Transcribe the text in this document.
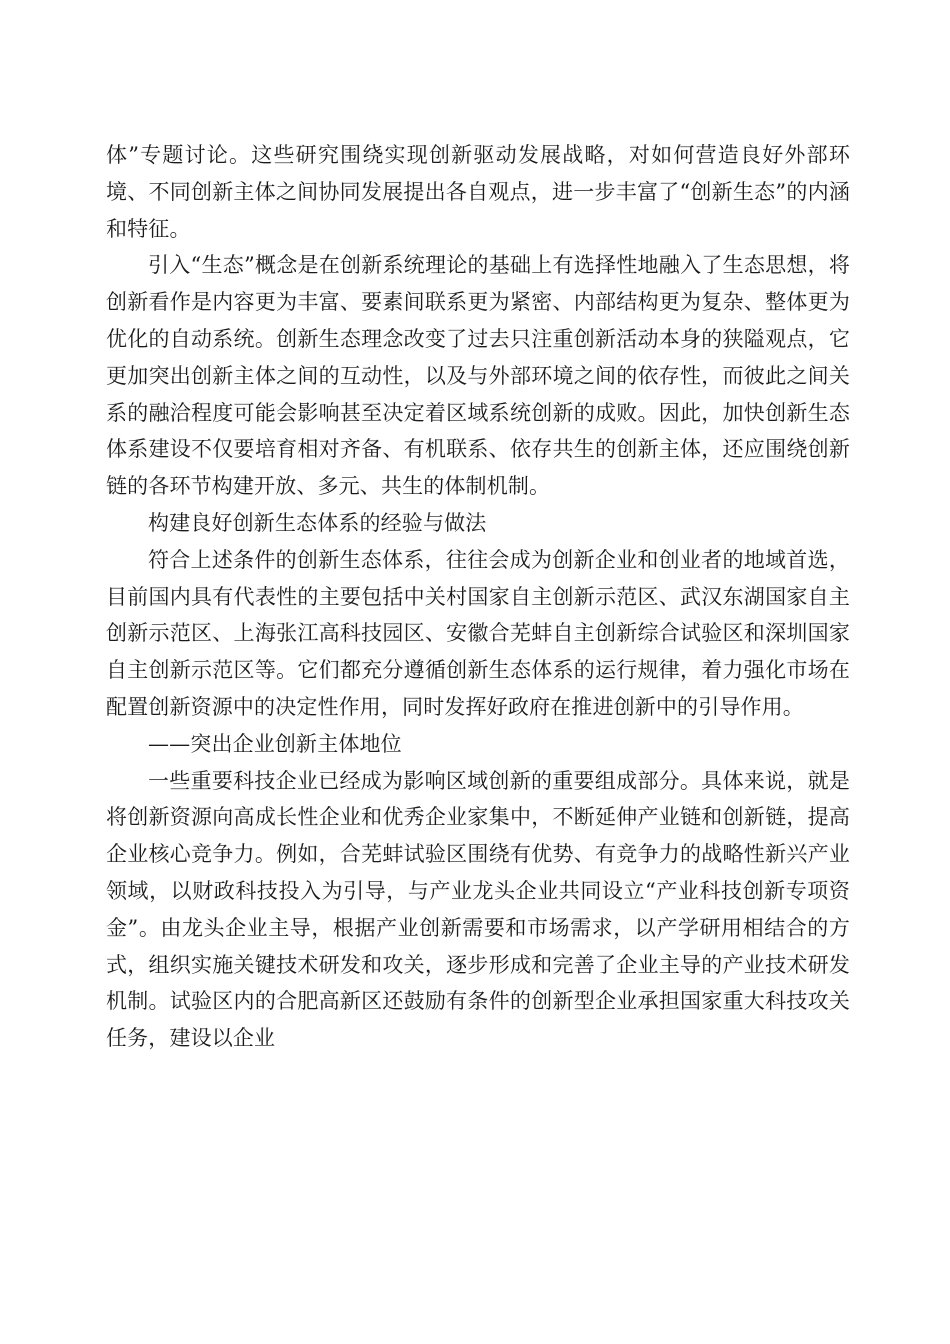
体”专题讨论。这些研究围绕实现创新驱动发展战略，对如何营造良好外部环境、不同创新主体之间协同发展提出各自观点，进一步丰富了“创新生态”的内涵和特征。

引入“生态”概念是在创新系统理论的基础上有选择性地融入了生态思想，将创新看作是内容更为丰富、要素间联系更为紧密、内部结构更为复杂、整体更为优化的自动系统。创新生态理念改变了过去只注重创新活动本身的狭隘观点，它更加突出创新主体之间的互动性，以及与外部环境之间的依存性，而彼此之间关系的融洽程度可能会影响甚至决定着区域系统创新的成败。因此，加快创新生态体系建设不仅要培育相对齐备、有机联系、依存共生的创新主体，还应围绕创新链的各环节构建开放、多元、共生的体制机制。

构建良好创新生态体系的经验与做法

符合上述条件的创新生态体系，往往会成为创新企业和创业者的地域首选，目前国内具有代表性的主要包括中关村国家自主创新示范区、武汉东湖国家自主创新示范区、上海张江高科技园区、安徽合芜蚌自主创新综合试验区和深圳国家自主创新示范区等。它们都充分遵循创新生态体系的运行规律，着力强化市场在配置创新资源中的决定性作用，同时发挥好政府在推进创新中的引导作用。

——突出企业创新主体地位

一些重要科技企业已经成为影响区域创新的重要组成部分。具体来说，就是将创新资源向高成长性企业和优秀企业家集中，不断延伸产业链和创新链，提高企业核心竞争力。例如，合芜蚌试验区围绕有优势、有竞争力的战略性新兴产业领域，以财政科技投入为引导，与产业龙头企业共同设立“产业科技创新专项资金”。由龙头企业主导，根据产业创新需要和市场需求，以产学研用相结合的方式，组织实施关键技术研发和攻关，逐步形成和完善了企业主导的产业技术研发机制。试验区内的合肥高新区还鼓励有条件的创新型企业承担国家重大科技攻关任务，建设以企业
